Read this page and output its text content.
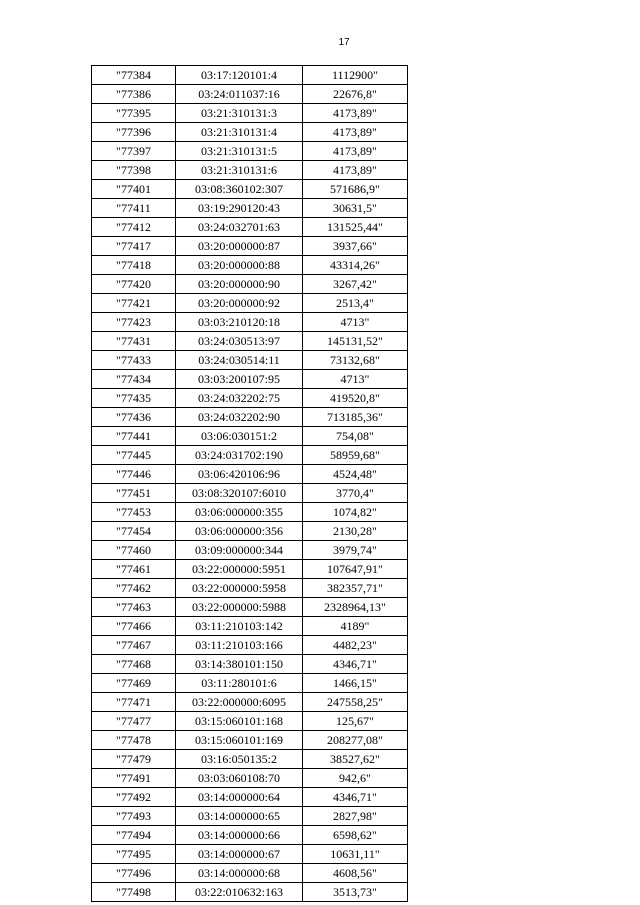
17
"77384	03:17:120101:4	1112900"
"77386	03:24:011037:16	22676,8"
"77395	03:21:310131:3	4173,89"
"77396	03:21:310131:4	4173,89"
"77397	03:21:310131:5	4173,89"
"77398	03:21:310131:6	4173,89"
"77401	03:08:360102:307	571686,9"
"77411	03:19:290120:43	30631,5"
"77412	03:24:032701:63	131525,44"
"77417	03:20:000000:87	3937,66"
"77418	03:20:000000:88	43314,26"
"77420	03:20:000000:90	3267,42"
"77421	03:20:000000:92	2513,4"
"77423	03:03:210120:18	4713"
"77431	03:24:030513:97	145131,52"
"77433	03:24:030514:11	73132,68"
"77434	03:03:200107:95	4713"
"77435	03:24:032202:75	419520,8"
"77436	03:24:032202:90	713185,36"
"77441	03:06:030151:2	754,08"
"77445	03:24:031702:190	58959,68"
"77446	03:06:420106:96	4524,48"
"77451	03:08:320107:6010	3770,4"
"77453	03:06:000000:355	1074,82"
"77454	03:06:000000:356	2130,28"
"77460	03:09:000000:344	3979,74"
"77461	03:22:000000:5951	107647,91"
"77462	03:22:000000:5958	382357,71"
"77463	03:22:000000:5988	2328964,13"
"77466	03:11:210103:142	4189"
"77467	03:11:210103:166	4482,23"
"77468	03:14:380101:150	4346,71"
"77469	03:11:280101:6	1466,15"
"77471	03:22:000000:6095	247558,25"
"77477	03:15:060101:168	125,67"
"77478	03:15:060101:169	208277,08"
"77479	03:16:050135:2	38527,62"
"77491	03:03:060108:70	942,6"
"77492	03:14:000000:64	4346,71"
"77493	03:14:000000:65	2827,98"
"77494	03:14:000000:66	6598,62"
"77495	03:14:000000:67	10631,11"
"77496	03:14:000000:68	4608,56"
"77498	03:22:010632:163	3513,73"
